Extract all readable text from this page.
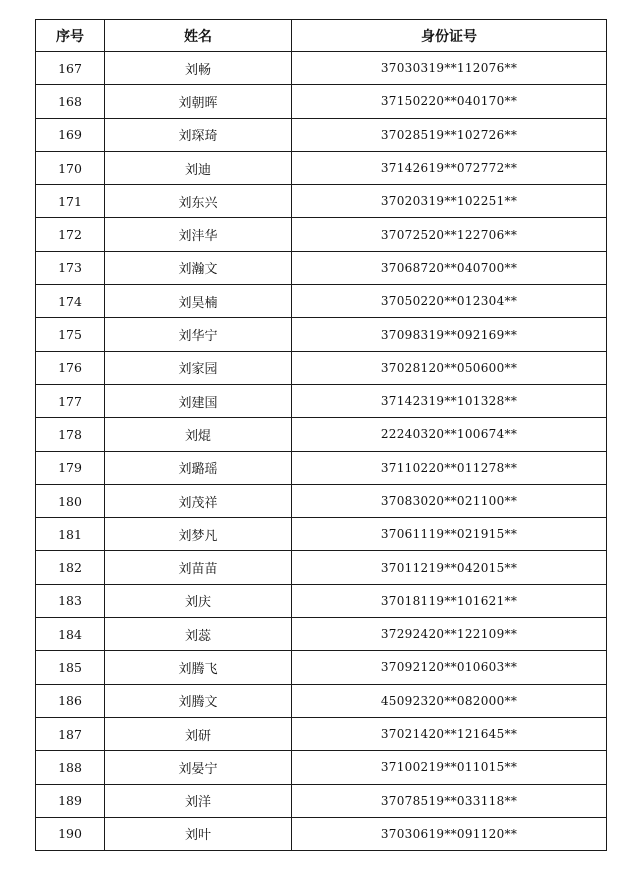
序号	姓名	身份证号
167	刘畅	37030319**112076**
168	刘朝晖	37150220**040170**
169	刘琛琦	37028519**102726**
170	刘迪	37142619**072772**
171	刘东兴	37020319**102251**
172	刘沣华	37072520**122706**
173	刘瀚文	37068720**040700**
174	刘昊楠	37050220**012304**
175	刘华宁	37098319**092169**
176	刘家园	37028120**050600**
177	刘建国	37142319**101328**
178	刘焜	22240320**100674**
179	刘璐瑶	37110220**011278**
180	刘茂祥	37083020**021100**
181	刘梦凡	37061119**021915**
182	刘苗苗	37011219**042015**
183	刘庆	37018119**101621**
184	刘蕊	37292420**122109**
185	刘腾飞	37092120**010603**
186	刘腾文	45092320**082000**
187	刘研	37021420**121645**
188	刘晏宁	37100219**011015**
189	刘洋	37078519**033118**
190	刘叶	37030619**091120**
